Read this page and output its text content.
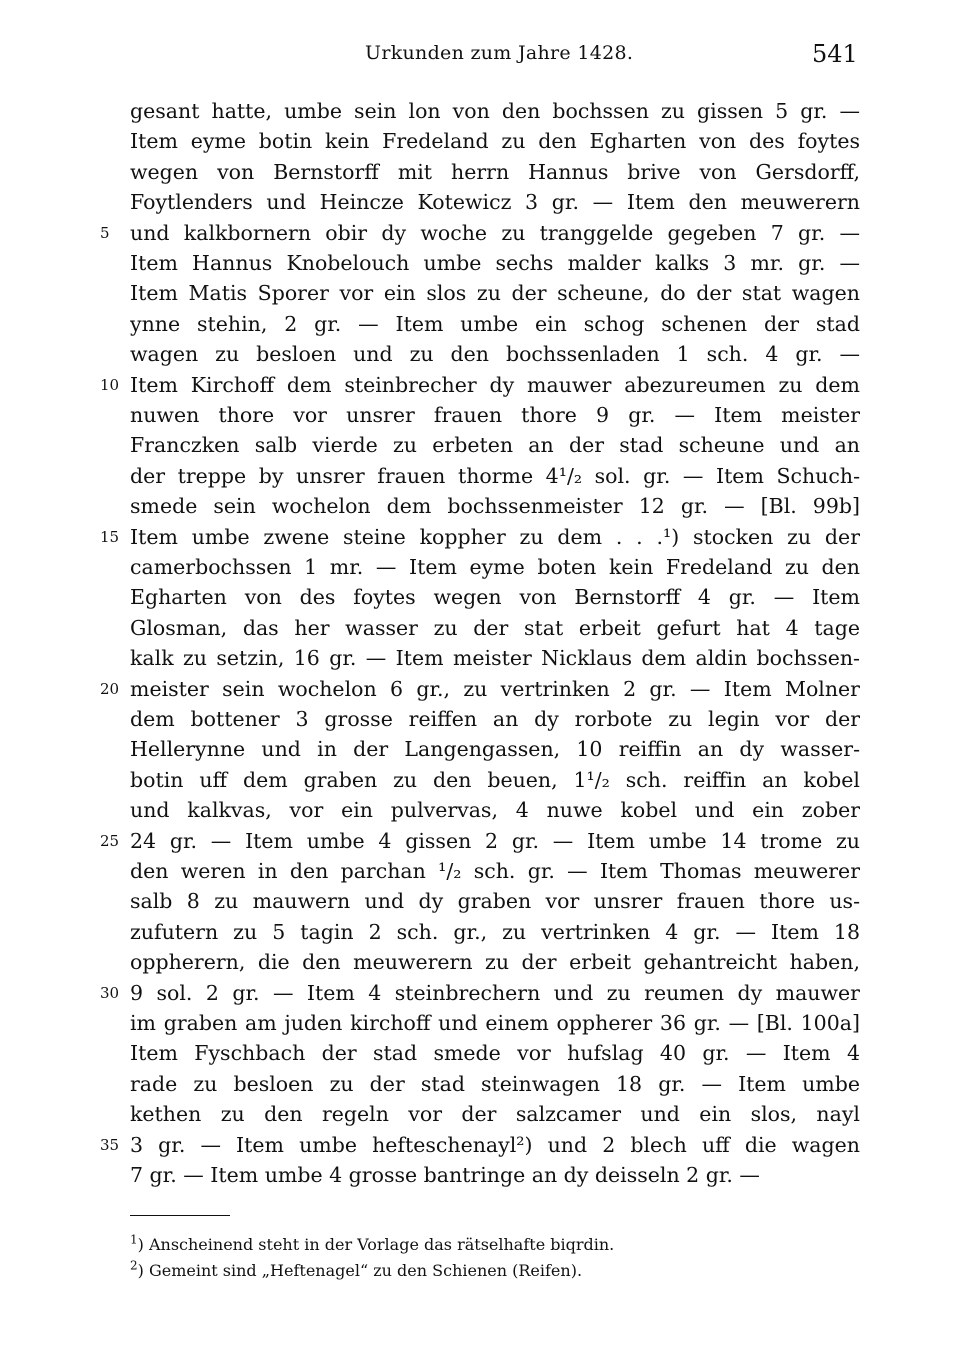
Urkunden zum Jahre 1428.	541
gesant hatte, umbe sein lon von den bochssen zu gissen 5 gr. —
Item eyme botin kein Fredeland zu den Egharten von des foytes
wegen von Bernstorff mit herrn Hannus brive von Gersdorff,
Foytlenders und Heincze Kotewicz 3 gr. — Item den meuwerern
5 und kalkbornern obir dy woche zu tranggelde gegeben 7 gr. —
Item Hannus Knobelouch umbe sechs malder kalks 3 mr. gr. —
Item Matis Sporer vor ein slos zu der scheune, do der stat wagen
ynne stehin, 2 gr. — Item umbe ein schog schenen der stad
wagen zu besloen und zu den bochssenladen 1 sch. 4 gr. —
10 Item Kirchoff dem steinbrecher dy mauwer abezureumen zu dem
nuwen thore vor unsrer frauen thore 9 gr. — Item meister
Franczken salb vierde zu erbeten an der stad scheune und an
der treppe by unsrer frauen thorme 4¹/₂ sol. gr. — Item Schuch-
smede sein wochelon dem bochssenmeister 12 gr. — [Bl. 99b]
15 Item umbe zwene steine koppher zu dem . . .¹) stocken zu der
camerbochssen 1 mr. — Item eyme boten kein Fredeland zu den
Egharten von des foytes wegen von Bernstorff 4 gr. — Item
Glosman, das her wasser zu der stat erbeit gefurt hat 4 tage
kalk zu setzin, 16 gr. — Item meister Nicklaus dem aldin bochssen-
20 meister sein wochelon 6 gr., zu vertrinken 2 gr. — Item Molner
dem bottener 3 grosse reiffen an dy rorbote zu legin vor der
Hellerynne und in der Langengassen, 10 reiffin an dy wasser-
botin uff dem graben zu den beuen, 1¹/₂ sch. reiffin an kobel
und kalkvas, vor ein pulvervas, 4 nuwe kobel und ein zober
25 24 gr. — Item umbe 4 gissen 2 gr. — Item umbe 14 trome zu
den weren in den parchan ¹/₂ sch. gr. — Item Thomas meuwerer
salb 8 zu mauwern und dy graben vor unsrer frauen thore us-
zufutern zu 5 tagin 2 sch. gr., zu vertrinken 4 gr. — Item 18
oppherern, die den meuwerern zu der erbeit gehantreicht haben,
30 9 sol. 2 gr. — Item 4 steinbrechern und zu reumen dy mauwer
im graben am juden kirchoff und einem oppherer 36 gr. — [Bl. 100a]
Item Fyschbach der stad smede vor hufslag 40 gr. — Item 4
rade zu besloen zu der stad steinwagen 18 gr. — Item umbe
kethen zu den regeln vor der salzcamer und ein slos, nayl
35 3 gr. — Item umbe hefteschenayl²) und 2 blech uff die wagen
7 gr. — Item umbe 4 grosse bantringe an dy deisseln 2 gr. —
$^1$) Anscheinend steht in der Vorlage das rätselhafte biqrdin.
$^2$) Gemeint sind „Heftenagel“ zu den Schienen (Reifen).
